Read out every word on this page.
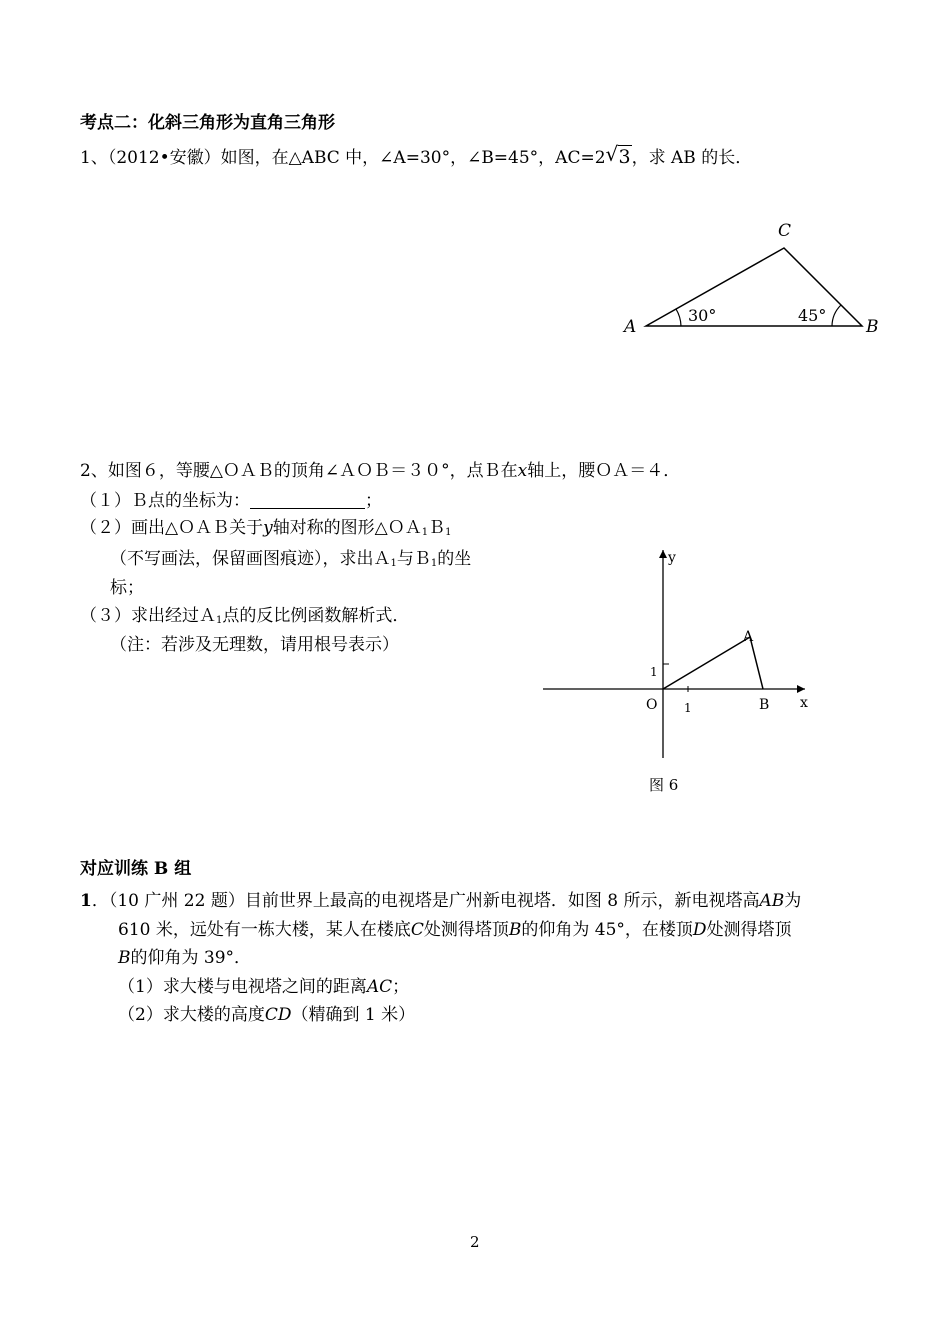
考点二：化斜三角形为直角三角形
1、（2012•安徽）如图，在△ABC 中，∠A=30°，∠B=45°，AC=2 √ 3，求 AB 的长．
A	B
C
30°	45°
2、如图６，等腰△ＯＡＢ的顶角∠ＡＯＢ＝３０°，点Ｂ在x轴上，腰ＯＡ＝４．
（１）Ｂ点的坐标为：	；
（２）画出△ＯＡＢ关于y轴对称的图形△ＯＡ$_1$Ｂ$_1$
（不写画法，保留画图痕迹），求出Ａ$_1$与Ｂ$_1$的坐
标；
（３）求出经过Ａ$_1$点的反比例函数解析式．
（注：若涉及无理数，请用根号表示）
y
x
O
A
B
1
1
图 6
对应训练 B 组
1．（10 广州 22 题）目前世界上最高的电视塔是广州新电视塔．如图 8 所示，新电视塔高AB为
610 米，远处有一栋大楼，某人在楼底C处测得塔顶B的仰角为 45°，在楼顶D处测得塔顶
B的仰角为 39°．
（1）求大楼与电视塔之间的距离AC；
（2）求大楼的高度CD（精确到 1 米）
2
